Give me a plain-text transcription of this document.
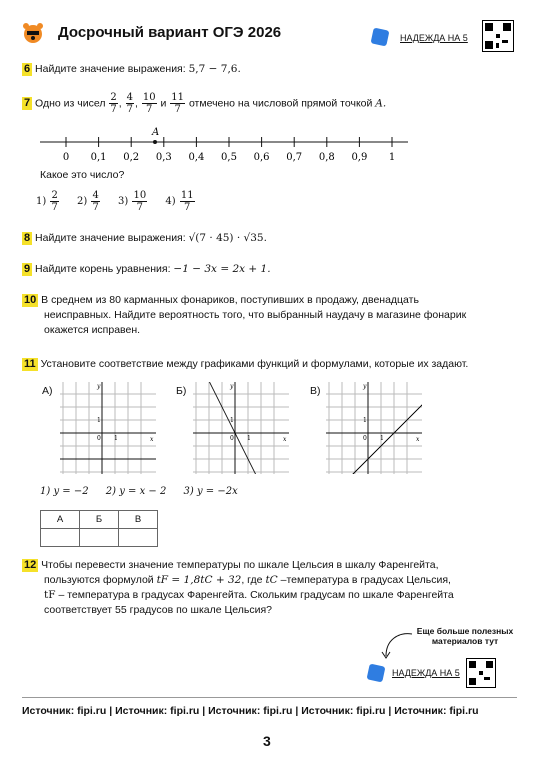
Досрочный вариант ОГЭ 2026	НАДЕЖДА НА 5
6 Найдите значение выражения: 5,7 − 7,6.
7 Одно из чисел $\frac{2}{7}$ , $\frac{4}{7}$ , $\frac{10}{7}$ и $\frac{11}{7}$ отмечено на числовой прямой точкой A.
0 0,1 0,2 0,3 0,4 0,5 0,6 0,7 0,8 0,9 1
A
Какое это число?
$1) \frac{2}{7} 2) \frac{4}{7} 3) \frac{10}{7} 4) \frac{11}{7}$
8 Найдите значение выражения: √(7 · 45) · √35.
9 Найдите корень уравнения: −1 − 3x = 2x + 1.
10 В среднем из 80 карманных фонариков, поступивших в продажу, двенадцать
неисправных. Найдите вероятность того, что выбранный наудачу в магазине фонарик
окажется исправен.
11 Установите соответствие между графиками функций и формулами, которые их задают.
А)	Б)	В)
y
x
0 1
1
y
x
0 1
1
y
x
0 1
1
1) y = −2 2) y = x − 2 3) y = −2x
А	Б	В

12 Чтобы перевести значение температуры по шкале Цельсия в шкалу Фаренгейта,
пользуются формулой tF = 1,8tC + 32, где tC –температура в градусах Цельсия,
tF – температура в градусах Фаренгейта. Скольким градусам по шкале Фаренгейта
соответствует 55 градусов по шкале Цельсия?
Еще больше полезных
материалов тут
НАДЕЖДА НА 5
Источник: fipi.ru | Источник: fipi.ru | Источник: fipi.ru | Источник: fipi.ru | Источник: fipi.ru
3
